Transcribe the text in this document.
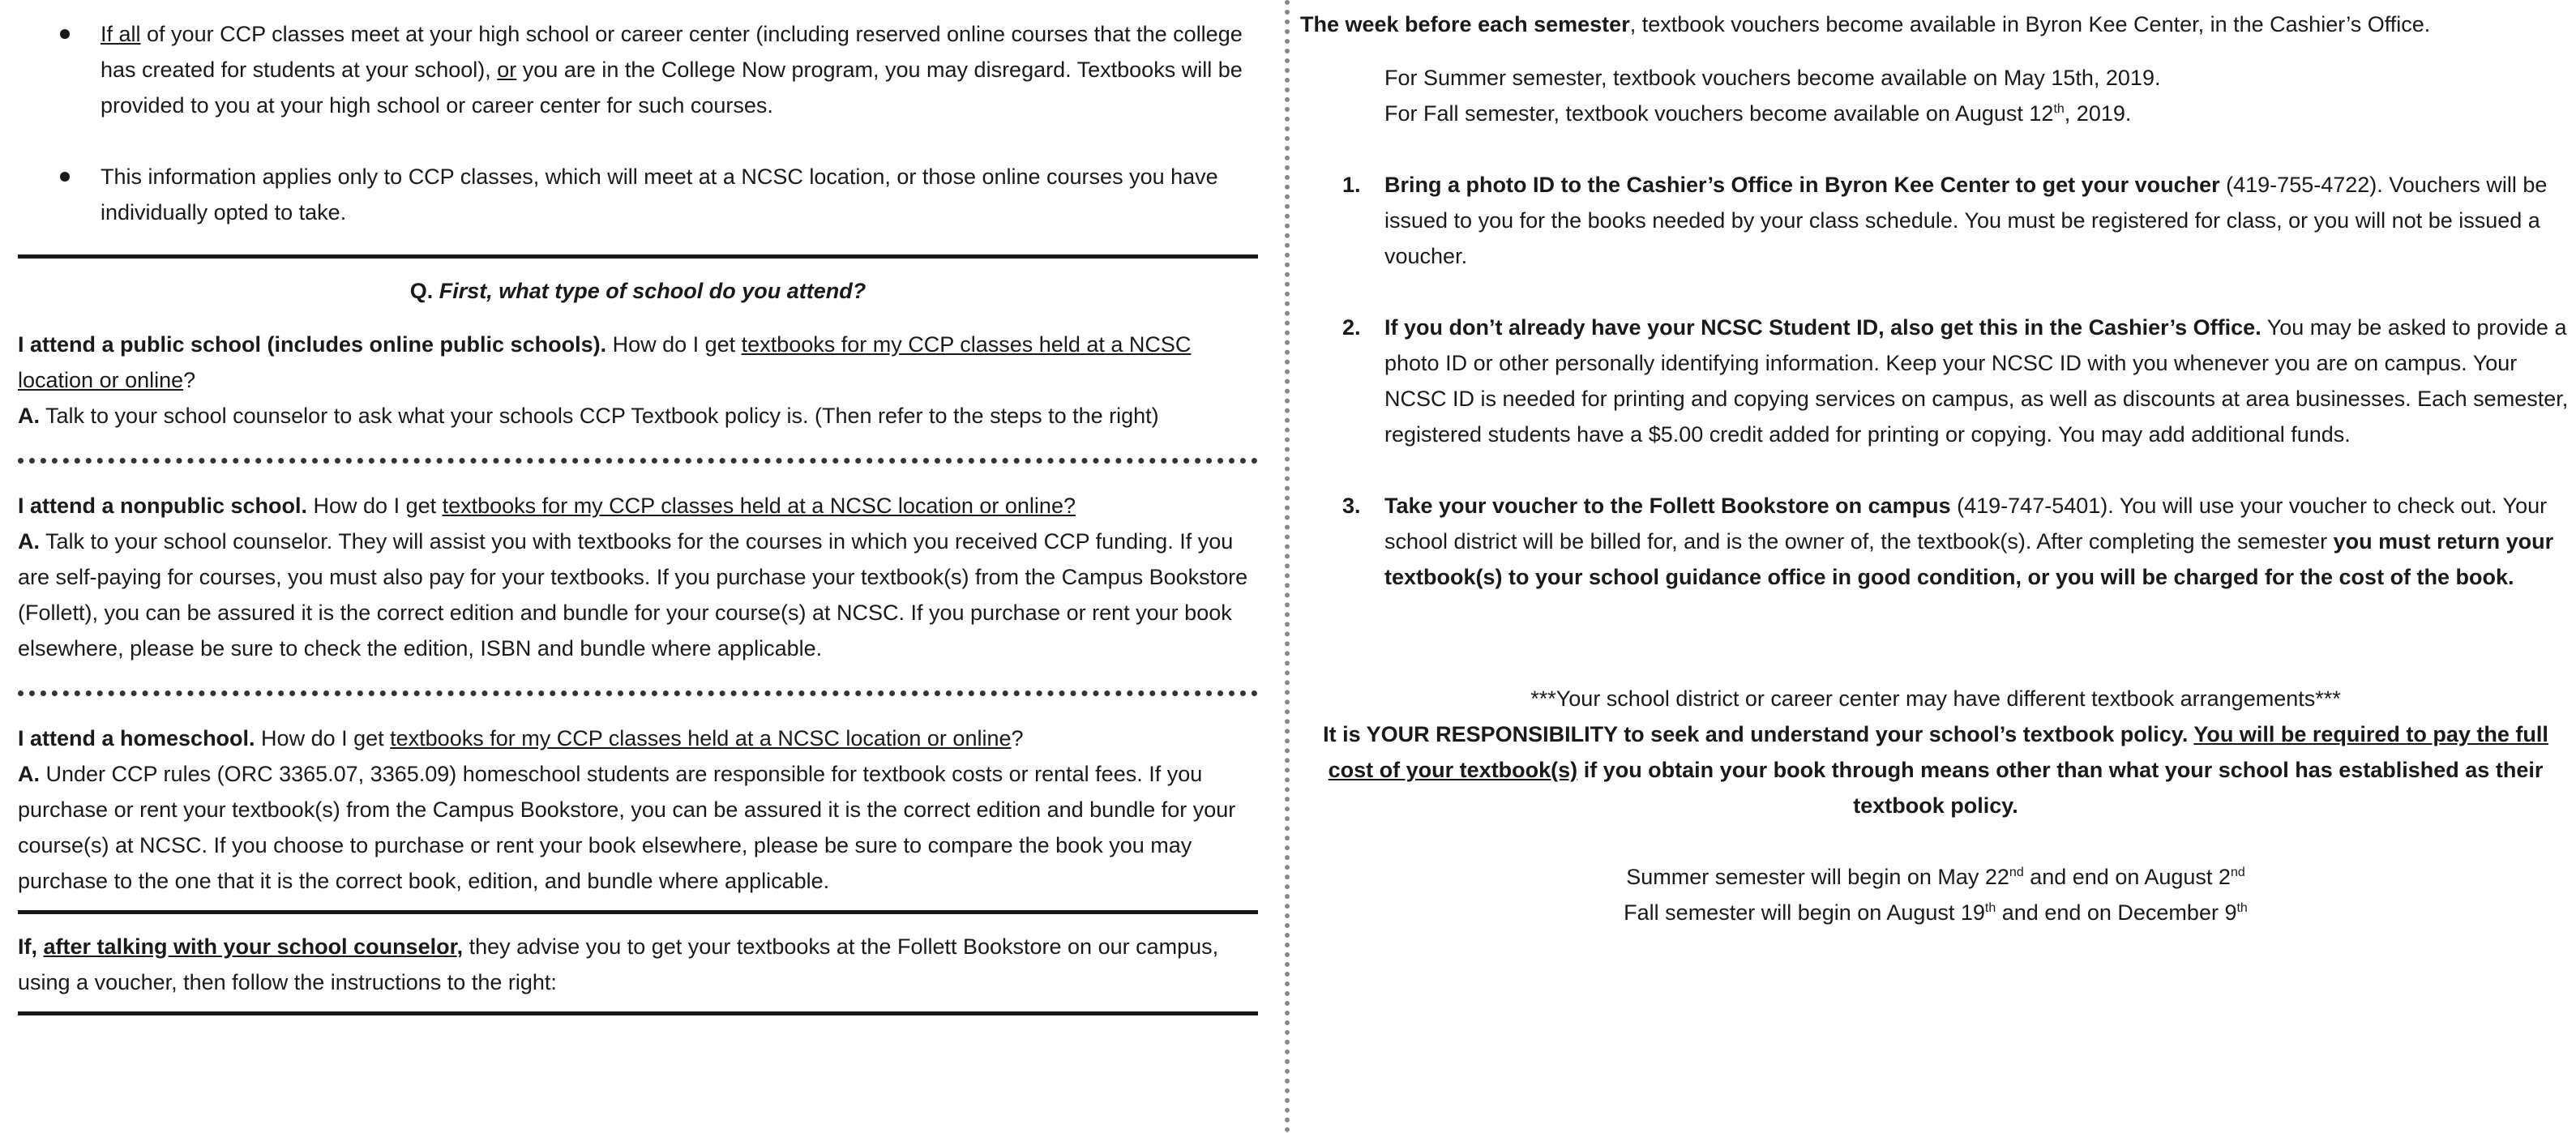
If all of your CCP classes meet at your high school or career center (including reserved online courses that the college has created for students at your school), or you are in the College Now program, you may disregard. Textbooks will be provided to you at your high school or career center for such courses.
This information applies only to CCP classes, which will meet at a NCSC location, or those online courses you have individually opted to take.
Q. First, what type of school do you attend?
I attend a public school (includes online public schools). How do I get textbooks for my CCP classes held at a NCSC location or online?
A. Talk to your school counselor to ask what your schools CCP Textbook policy is. (Then refer to the steps to the right)
I attend a nonpublic school. How do I get textbooks for my CCP classes held at a NCSC location or online?
A. Talk to your school counselor. They will assist you with textbooks for the courses in which you received CCP funding. If you are self-paying for courses, you must also pay for your textbooks. If you purchase your textbook(s) from the Campus Bookstore (Follett), you can be assured it is the correct edition and bundle for your course(s) at NCSC. If you purchase or rent your book elsewhere, please be sure to check the edition, ISBN and bundle where applicable.
I attend a homeschool. How do I get textbooks for my CCP classes held at a NCSC location or online?
A. Under CCP rules (ORC 3365.07, 3365.09) homeschool students are responsible for textbook costs or rental fees. If you purchase or rent your textbook(s) from the Campus Bookstore, you can be assured it is the correct edition and bundle for your course(s) at NCSC. If you choose to purchase or rent your book elsewhere, please be sure to compare the book you may purchase to the one that it is the correct book, edition, and bundle where applicable.
If, after talking with your school counselor, they advise you to get your textbooks at the Follett Bookstore on our campus, using a voucher, then follow the instructions to the right:

The week before each semester, textbook vouchers become available in Byron Kee Center, in the Cashier’s Office.

For Summer semester, textbook vouchers become available on May 15th, 2019.

For Fall semester, textbook vouchers become available on August 12th, 2019.

1. Bring a photo ID to the Cashier’s Office in Byron Kee Center to get your voucher (419-755-4722). Vouchers will be issued to you for the books needed by your class schedule. You must be registered for class, or you will not be issued a voucher.
2. If you don’t already have your NCSC Student ID, also get this in the Cashier’s Office. You may be asked to provide a photo ID or other personally identifying information. Keep your NCSC ID with you whenever you are on campus. Your NCSC ID is needed for printing and copying services on campus, as well as discounts at area businesses. Each semester, registered students have a $5.00 credit added for printing or copying. You may add additional funds.
3. Take your voucher to the Follett Bookstore on campus (419-747-5401). You will use your voucher to check out. Your school district will be billed for, and is the owner of, the textbook(s). After completing the semester you must return your textbook(s) to your school guidance office in good condition, or you will be charged for the cost of the book.

***Your school district or career center may have different textbook arrangements***

It is YOUR RESPONSIBILITY to seek and understand your school’s textbook policy. You will be required to pay the full cost of your textbook(s) if you obtain your book through means other than what your school has established as their textbook policy.

Summer semester will begin on May 22nd and end on August 2nd

Fall semester will begin on August 19th and end on December 9th
